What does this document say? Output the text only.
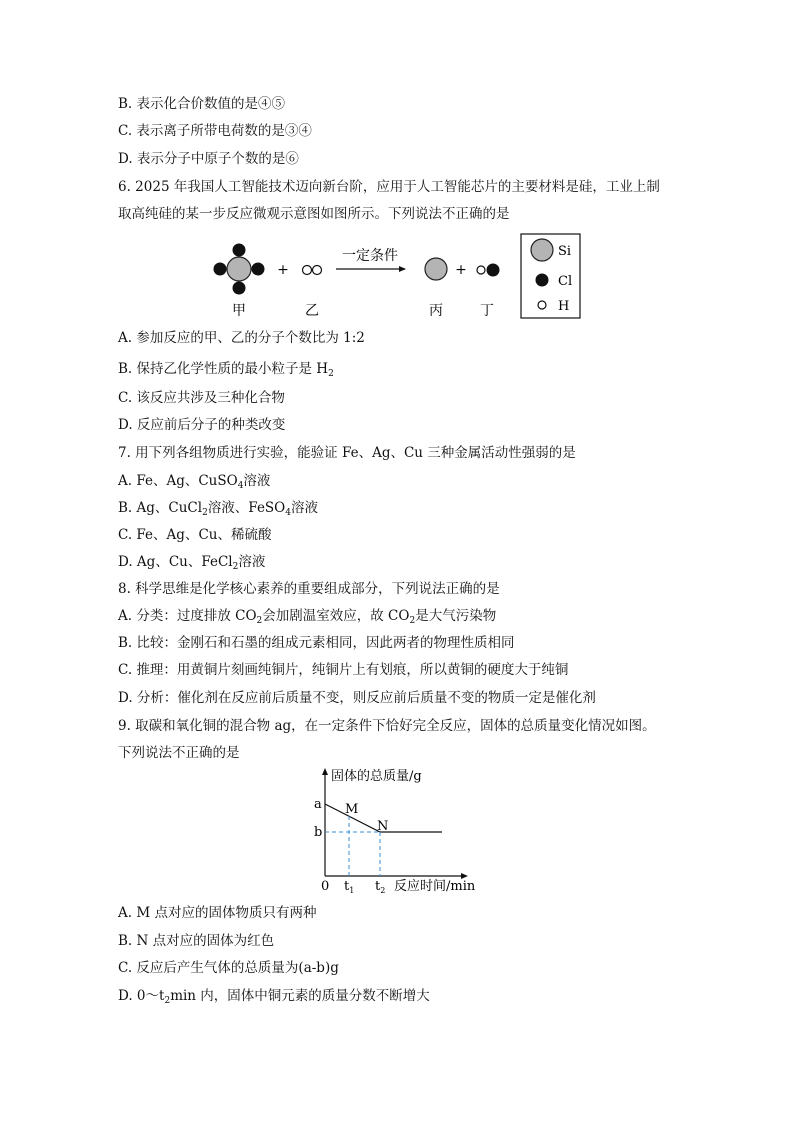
B. 表示化合价数值的是④⑤
C. 表示离子所带电荷数的是③④
D. 表示分子中原子个数的是⑥
6. 2025 年我国人工智能技术迈向新台阶，应用于人工智能芯片的主要材料是硅，工业上制
取高纯硅的某一步反应微观示意图如图所示。下列说法不正确的是
+
一定条件
+
甲	乙	丙	丁
Si
Cl
H
A. 参加反应的甲、乙的分子个数比为 1:2
B. 保持乙化学性质的最小粒子是 $H_2$
C. 该反应共涉及三种化合物
D. 反应前后分子的种类改变
7. 用下列各组物质进行实验，能验证 Fe、Ag、Cu 三种金属活动性强弱的是
A. Fe、Ag、CuSO$_4$溶液
B. Ag、CuCl$_2$溶液、FeSO$_4$溶液
C. Fe、Ag、Cu、稀硫酸
D. Ag、Cu、FeCl$_2$溶液
8. 科学思维是化学核心素养的重要组成部分，下列说法正确的是
A. 分类：过度排放 $CO_2$会加剧温室效应，故 $CO_2$是大气污染物
B. 比较：金刚石和石墨的组成元素相同，因此两者的物理性质相同
C. 推理：用黄铜片刻画纯铜片，纯铜片上有划痕，所以黄铜的硬度大于纯铜
D. 分析：催化剂在反应前后质量不变，则反应前后质量不变的物质一定是催化剂
9. 取碳和氧化铜的混合物 ag，在一定条件下恰好完全反应，固体的总质量变化情况如图。
下列说法不正确的是
固体的总质量/g
a
b
M
N
0 $t_1$ $t_2$ 反应时间/min
A. M 点对应的固体物质只有两种
B. N 点对应的固体为红色
C. 反应后产生气体的总质量为(a-b)g
D. $0\sim t_2\min$ 内，固体中铜元素的质量分数不断增大
